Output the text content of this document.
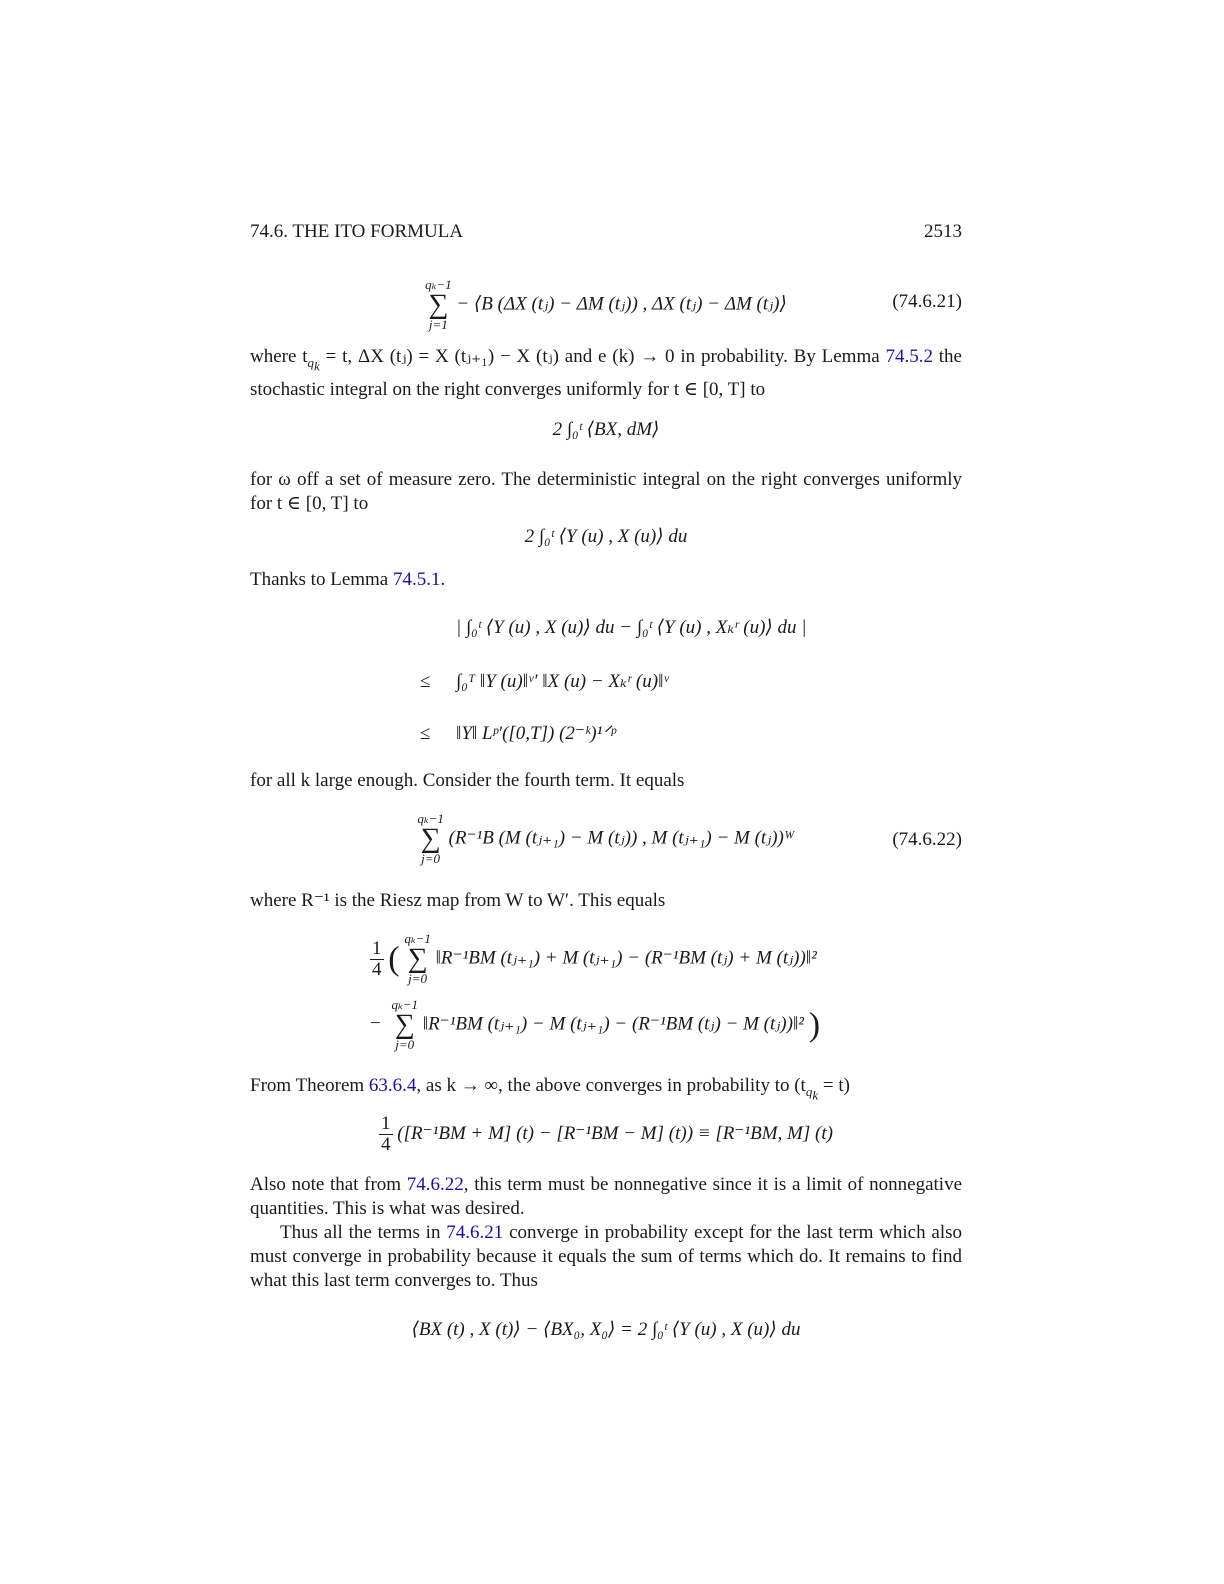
74.6. THE ITO FORMULA	2513
qₖ−1
∑
j=1
− ⟨B (ΔX (tⱼ) − ΔM (tⱼ)) , ΔX (tⱼ) − ΔM (tⱼ)⟩	(74.6.21)

where $t_{q_k} = t$, ΔX (tⱼ) = X (tⱼ₊₁) − X (tⱼ) and e (k) → 0 in probability. By Lemma 74.5.2 the stochastic integral on the right converges uniformly for t ∈ [0, T] to

2 ∫₀ᵗ ⟨BX, dM⟩

for ω off a set of measure zero. The deterministic integral on the right converges uniformly for t ∈ [0, T] to

2 ∫₀ᵗ ⟨Y (u) , X (u)⟩ du

Thanks to Lemma 74.5.1.

| ∫₀ᵗ ⟨Y (u) , X (u)⟩ du − ∫₀ᵗ ⟨Y (u) , Xₖʳ (u)⟩ du |
≤	∫₀ᵀ ‖Y (u)‖ᵛ′ ‖X (u) − Xₖʳ (u)‖ᵛ
≤	‖Y‖ Lᵖ′([0,T]) (2⁻ᵏ)¹ᐟᵖ

for all k large enough. Consider the fourth term. It equals

qₖ−1
∑
j=0
(R⁻¹B (M (tⱼ₊₁) − M (tⱼ)) , M (tⱼ₊₁) − M (tⱼ))ᵂ	(74.6.22)

where R⁻¹ is the Riesz map from W to W′. This equals

$\frac{1}{4}$ (
qₖ−1
∑
j=0
‖R⁻¹BM (tⱼ₊₁) + M (tⱼ₊₁) − (R⁻¹BM (tⱼ) + M (tⱼ))‖²
−
qₖ−1
∑
j=0
‖R⁻¹BM (tⱼ₊₁) − M (tⱼ₊₁) − (R⁻¹BM (tⱼ) − M (tⱼ))‖² )

From Theorem 63.6.4, as k → ∞, the above converges in probability to $(t_{q_k} = t)$

$\frac{1}{4} ([R^{-1}BM + M] (t) - [R^{-1}BM - M] (t)) \equiv [R^{-1}BM$, M] (t)

Also note that from 74.6.22, this term must be nonnegative since it is a limit of nonnegative quantities. This is what was desired.

Thus all the terms in 74.6.21 converge in probability except for the last term which also must converge in probability because it equals the sum of terms which do. It remains to find what this last term converges to. Thus

⟨BX (t) , X (t)⟩ − ⟨BX₀, X₀⟩ = 2 ∫₀ᵗ ⟨Y (u) , X (u)⟩ du
